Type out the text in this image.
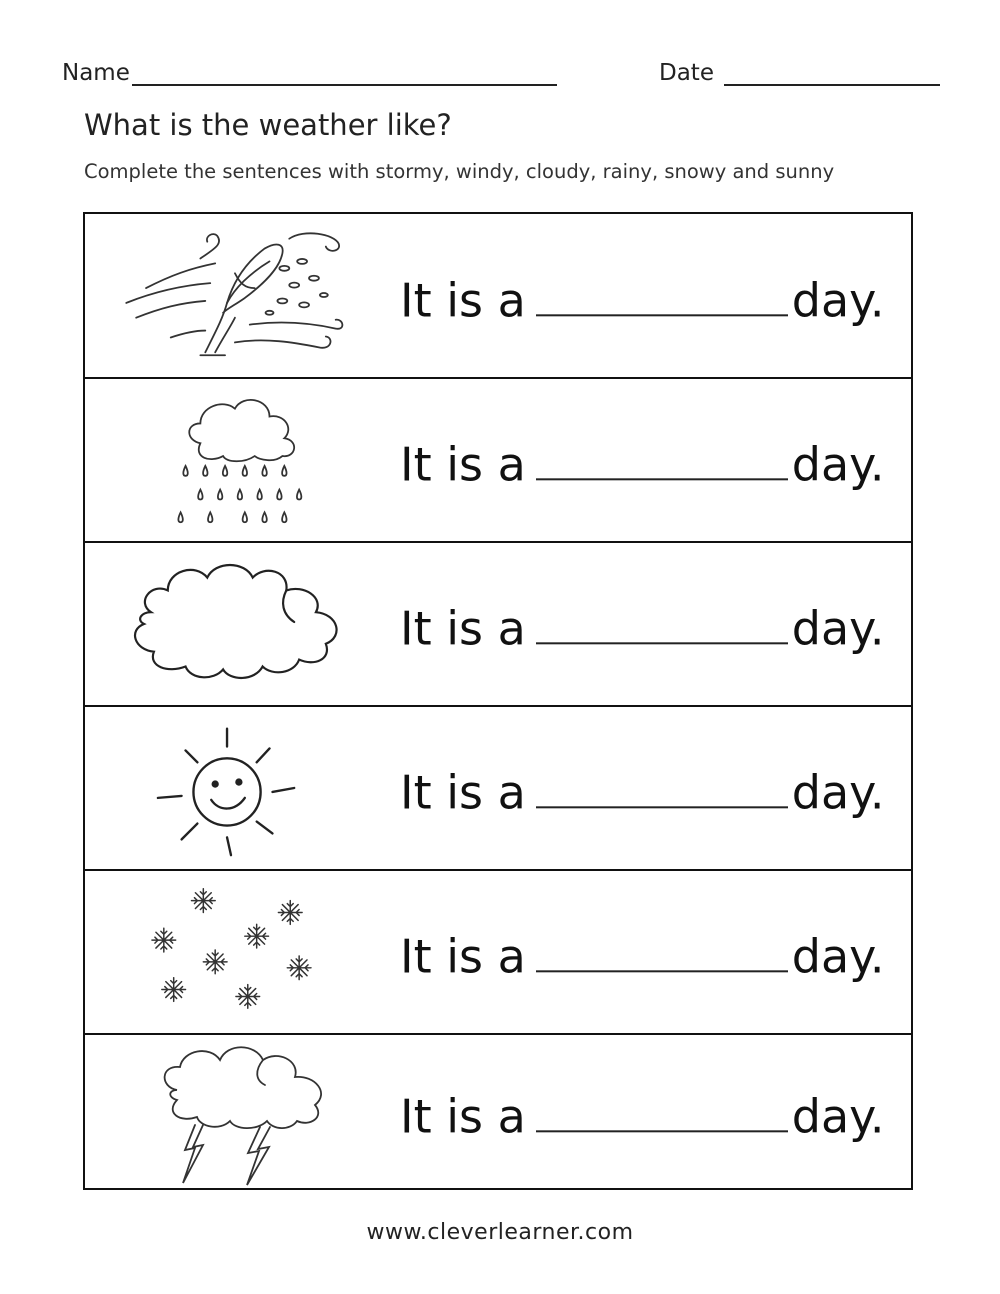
Name	Date
What is the weather like?
Complete the sentences with stormy, windy, cloudy, rainy, snowy and sunny
It is a	day.
It is a	day.
It is a	day.
It is a	day.
It is a	day.
It is a	day.
www.cleverlearner.com
